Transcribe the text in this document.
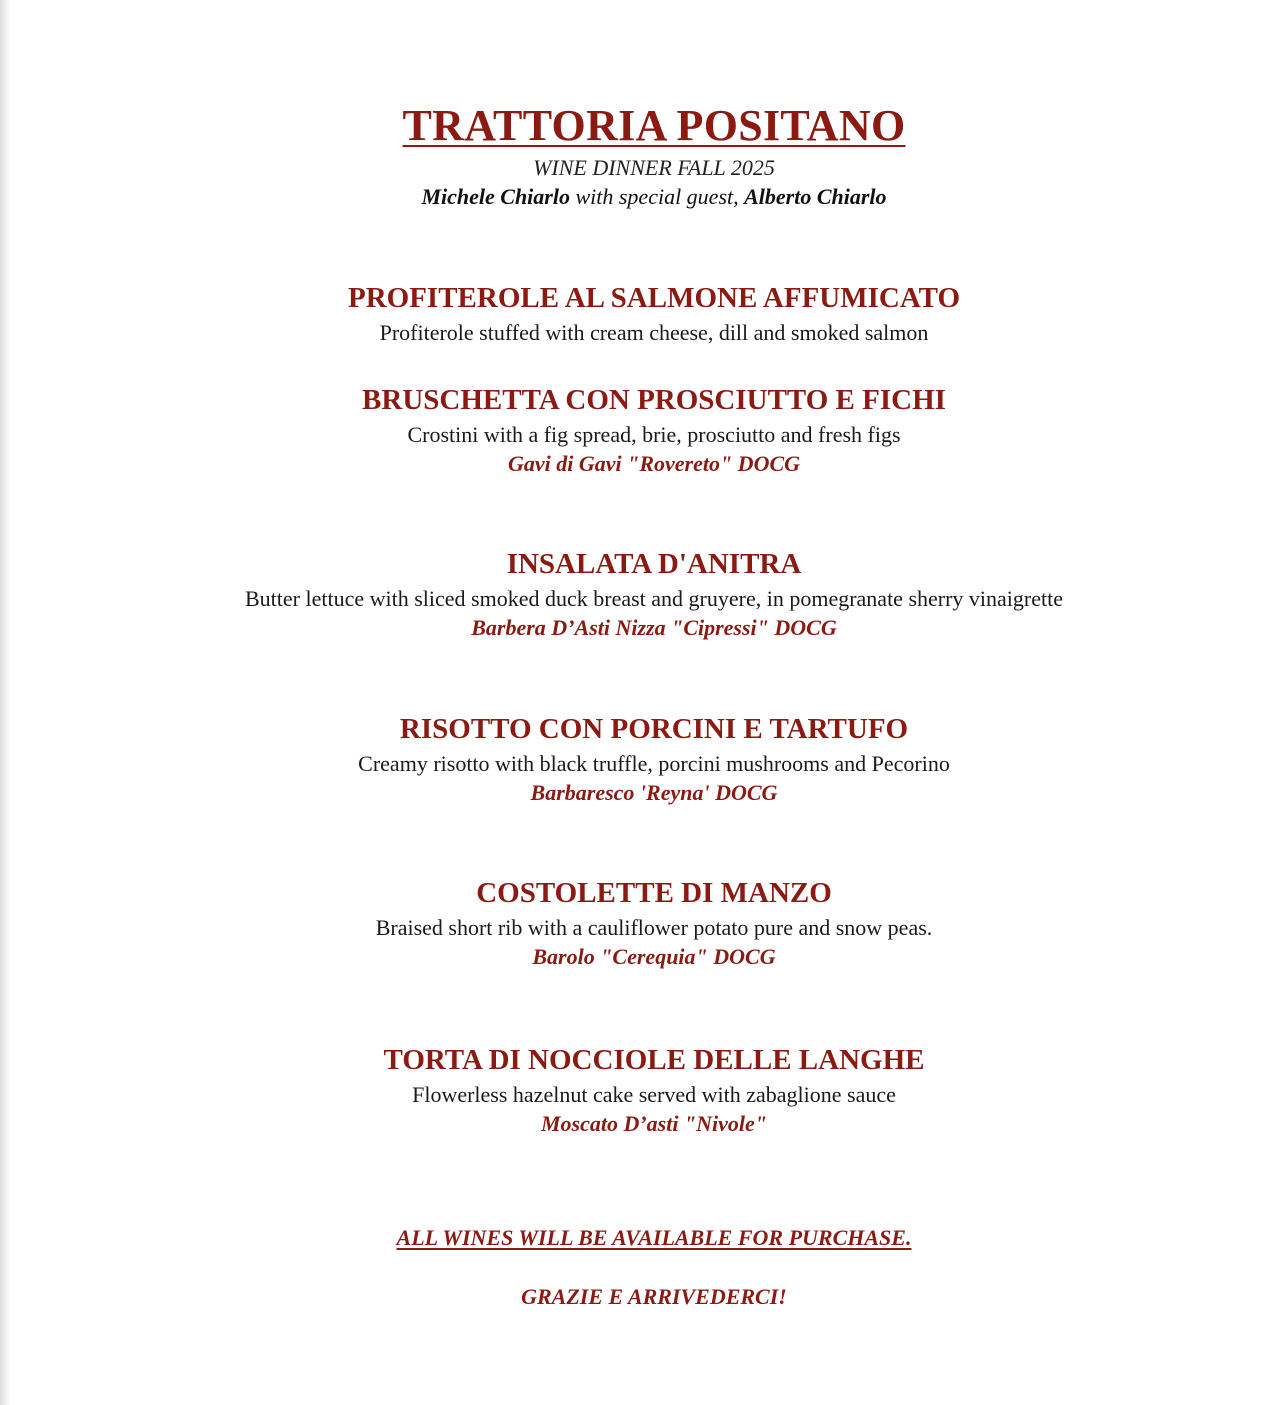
TRATTORIA POSITANO

WINE DINNER FALL 2025

Michele Chiarlo with special guest, Alberto Chiarlo

PROFITEROLE AL SALMONE AFFUMICATO

Profiterole stuffed with cream cheese, dill and smoked salmon

BRUSCHETTA CON PROSCIUTTO E FICHI

Crostini with a fig spread, brie, prosciutto and fresh figs

Gavi di Gavi "Rovereto" DOCG

INSALATA D'ANITRA

Butter lettuce with sliced smoked duck breast and gruyere, in pomegranate sherry vinaigrette

Barbera D’Asti Nizza "Cipressi" DOCG

RISOTTO CON PORCINI E TARTUFO

Creamy risotto with black truffle, porcini mushrooms and Pecorino

Barbaresco 'Reyna' DOCG

COSTOLETTE DI MANZO

Braised short rib with a cauliflower potato pure and snow peas.

Barolo "Cerequia" DOCG

TORTA DI NOCCIOLE DELLE LANGHE

Flowerless hazelnut cake served with zabaglione sauce

Moscato D’asti "Nivole"

ALL WINES WILL BE AVAILABLE FOR PURCHASE.

GRAZIE E ARRIVEDERCI!
